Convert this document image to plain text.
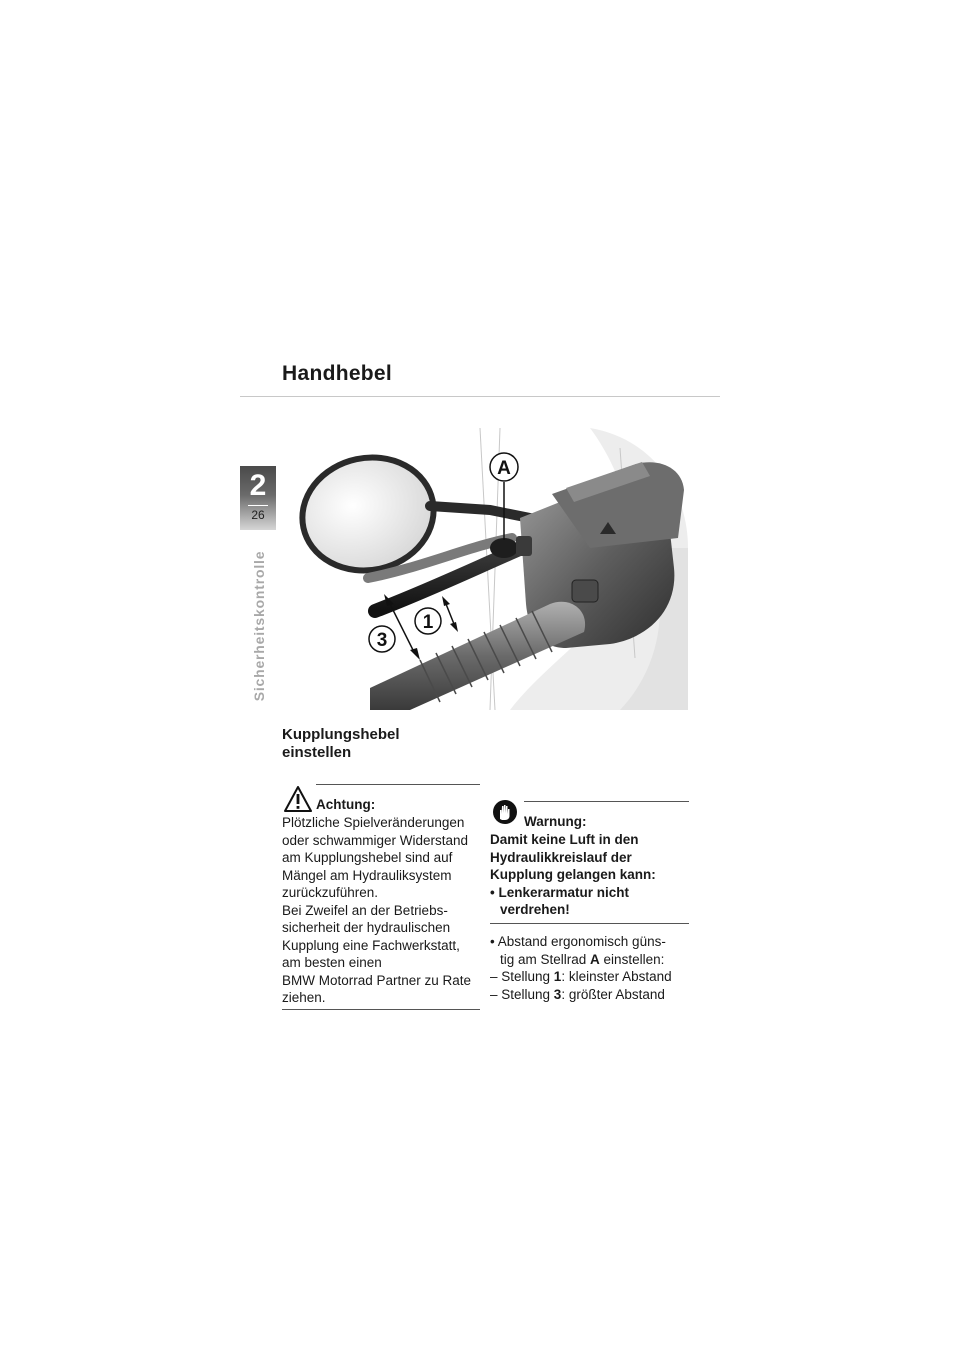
Handhebel
2
26
Sicherheitskontrolle
A
3
1
Kupplungshebel
einstellen
Achtung:
Plötzliche Spielveränderungen
oder schwammiger Widerstand
am Kupplungshebel sind auf
Mängel am Hydrauliksystem
zurückzuführen.
Bei Zweifel an der Betriebs-
sicherheit der hydraulischen
Kupplung eine Fachwerkstatt,
am besten einen
BMW Motorrad Partner zu Rate
ziehen.
Warnung:
Damit keine Luft in den
Hydraulikkreislauf der
Kupplung gelangen kann:
• Lenkerarmatur nicht
verdrehen!
• Abstand ergonomisch güns-
tig am Stellrad A einstellen:
– Stellung 1: kleinster Abstand
– Stellung 3: größter Abstand
